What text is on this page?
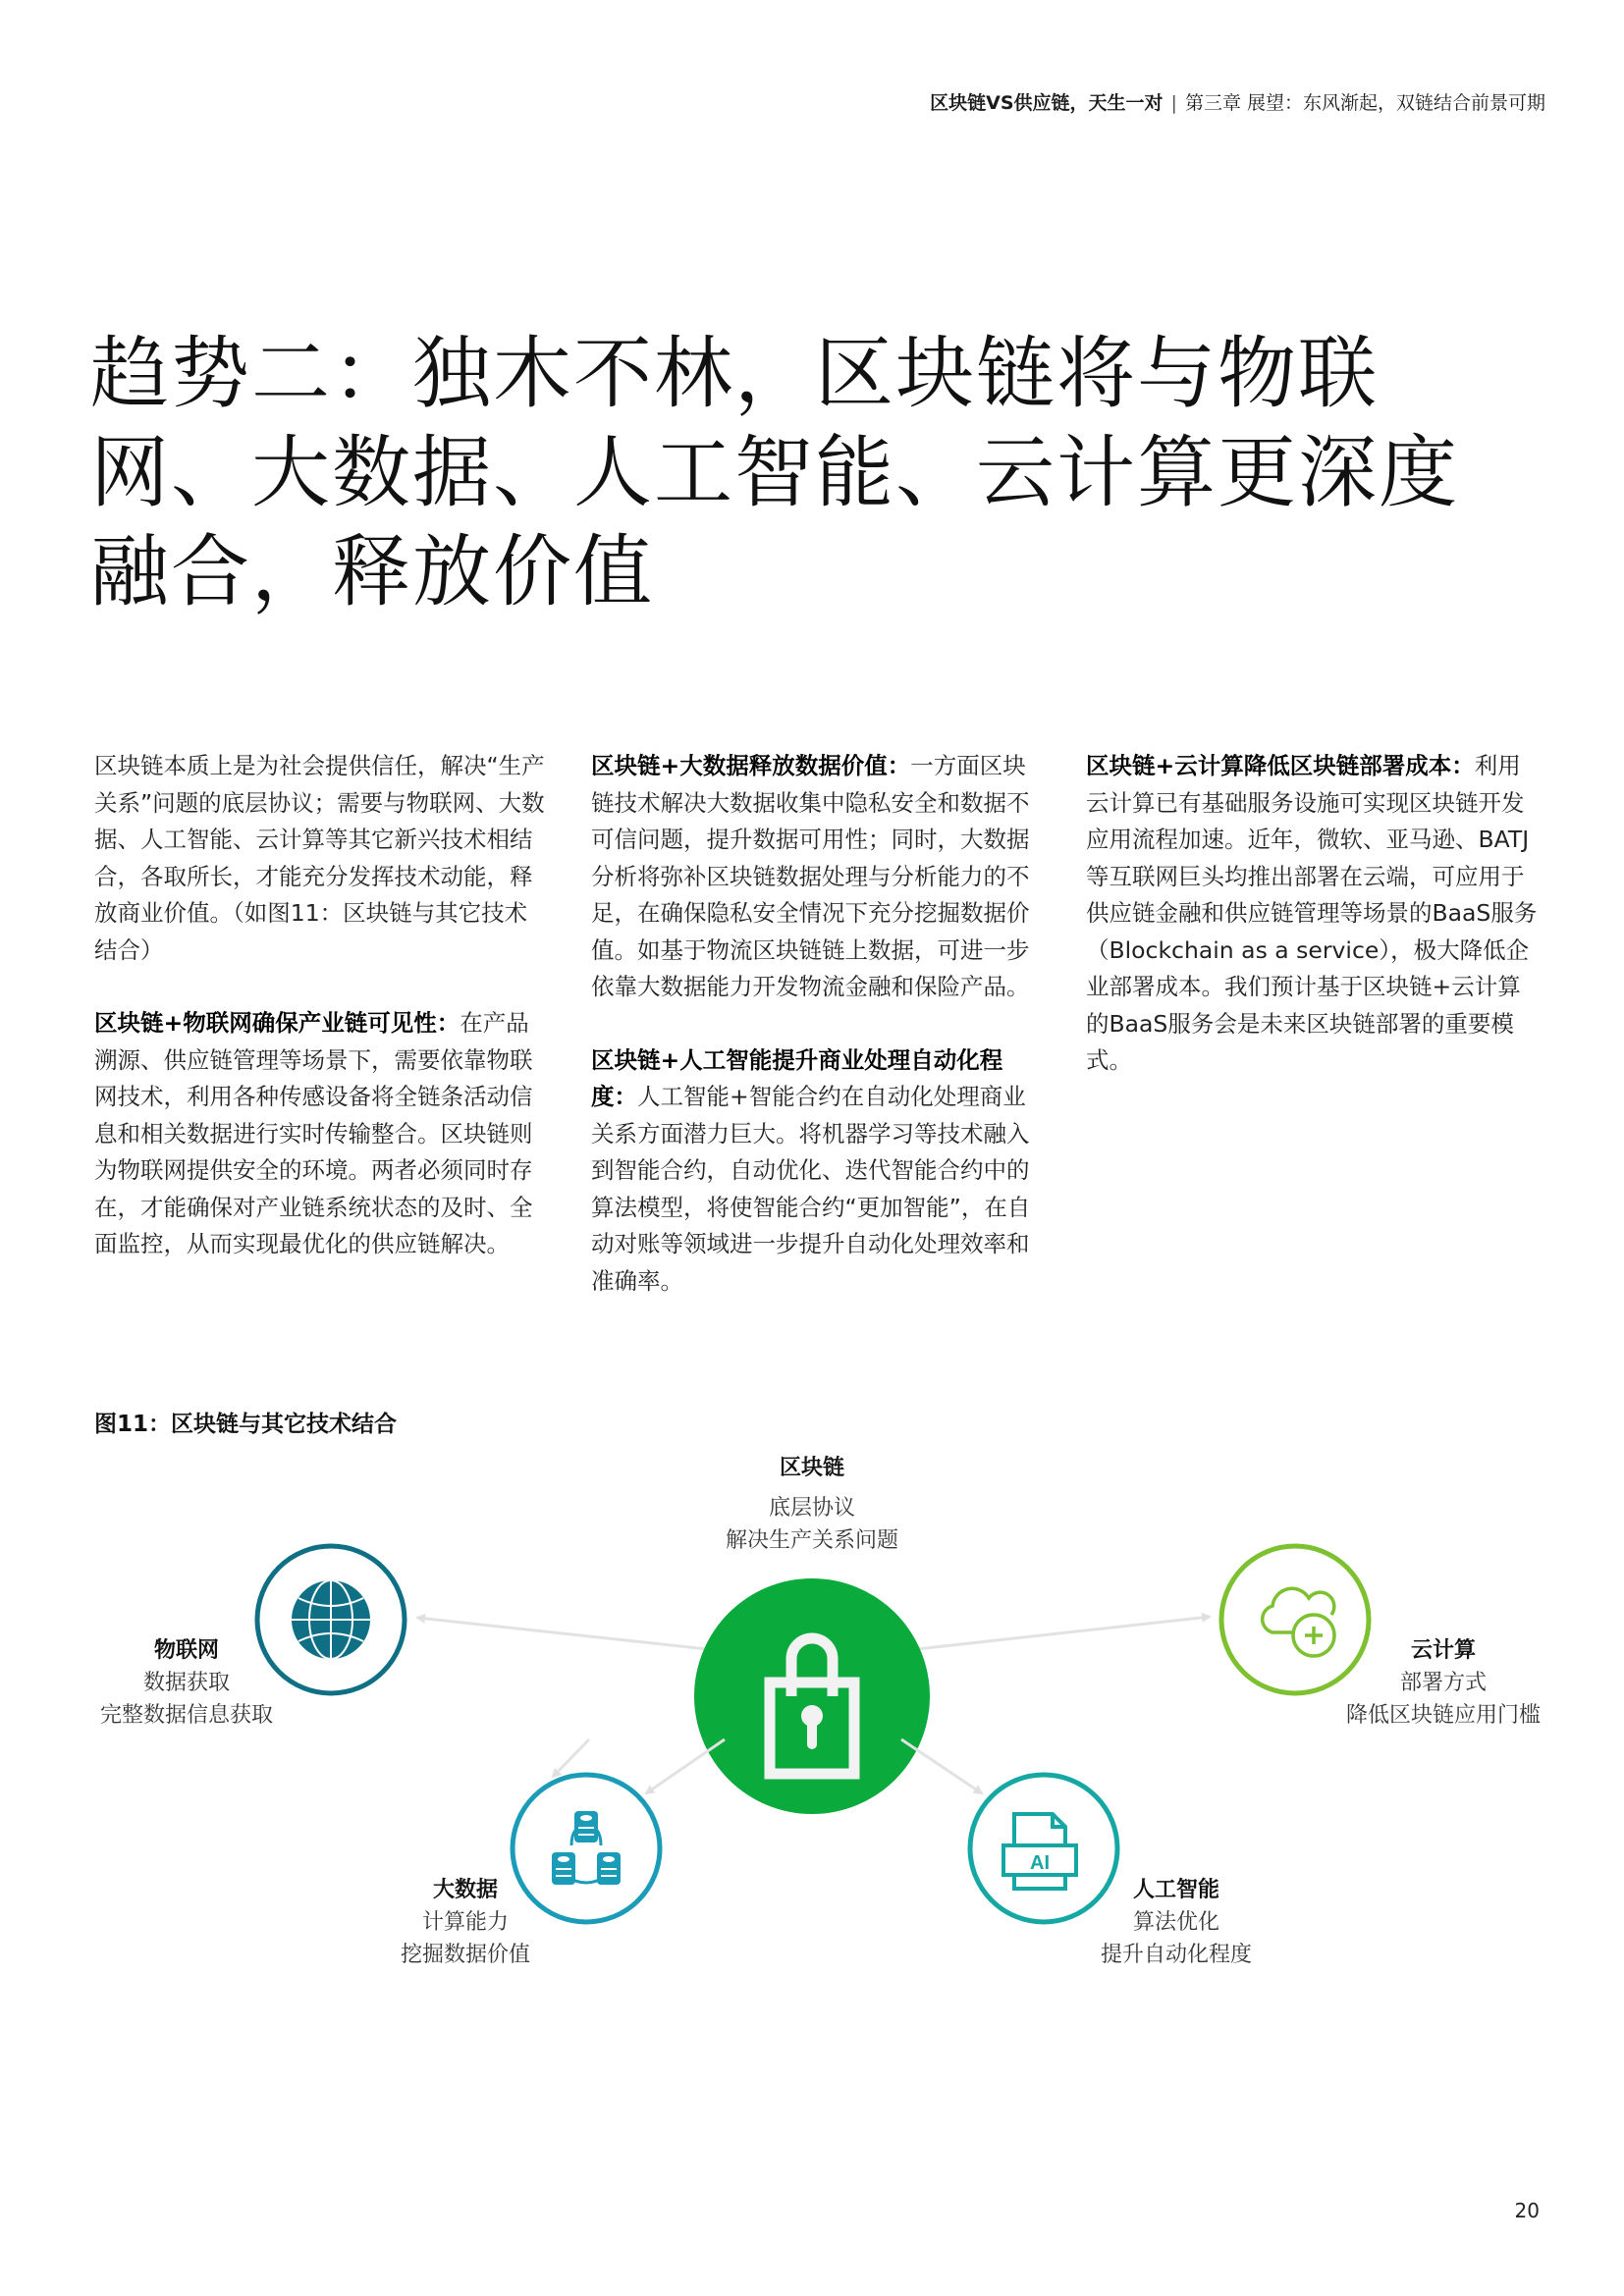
区块链VS供应链，天生一对 | 第三章 展望：东风渐起，双链结合前景可期
趋势二：独木不林，区块链将与物联
网、大数据、人工智能、云计算更深度
融合，释放价值

区块链本质上是为社会提供信任，解决“生产关系”问题的底层协议；需要与物联网、大数据、人工智能、云计算等其它新兴技术相结合，各取所长，才能充分发挥技术动能，释放商业价值。（如图11：区块链与其它技术结合）

区块链+物联网确保产业链可见性：在产品溯源、供应链管理等场景下，需要依靠物联网技术，利用各种传感设备将全链条活动信息和相关数据进行实时传输整合。区块链则为物联网提供安全的环境。两者必须同时存在，才能确保对产业链系统状态的及时、全面监控，从而实现最优化的供应链解决。

区块链+大数据释放数据价值：一方面区块链技术解决大数据收集中隐私安全和数据不可信问题，提升数据可用性；同时，大数据分析将弥补区块链数据处理与分析能力的不足，在确保隐私安全情况下充分挖掘数据价值。如基于物流区块链链上数据，可进一步依靠大数据能力开发物流金融和保险产品。

区块链+人工智能提升商业处理自动化程度：人工智能+智能合约在自动化处理商业关系方面潜力巨大。将机器学习等技术融入到智能合约，自动优化、迭代智能合约中的算法模型，将使智能合约“更加智能”，在自动对账等领域进一步提升自动化处理效率和准确率。

区块链+云计算降低区块链部署成本：利用云计算已有基础服务设施可实现区块链开发应用流程加速。近年，微软、亚马逊、BATJ等互联网巨头均推出部署在云端，可应用于供应链金融和供应链管理等场景的BaaS服务（Blockchain as a service），极大降低企业部署成本。我们预计基于区块链+云计算的BaaS服务会是未来区块链部署的重要模式。

图11：区块链与其它技术结合
AI
区块链
底层协议
解决生产关系问题
物联网
数据获取
完整数据信息获取
云计算
部署方式
降低区块链应用门槛
大数据
计算能力
挖掘数据价值
人工智能
算法优化
提升自动化程度
20
